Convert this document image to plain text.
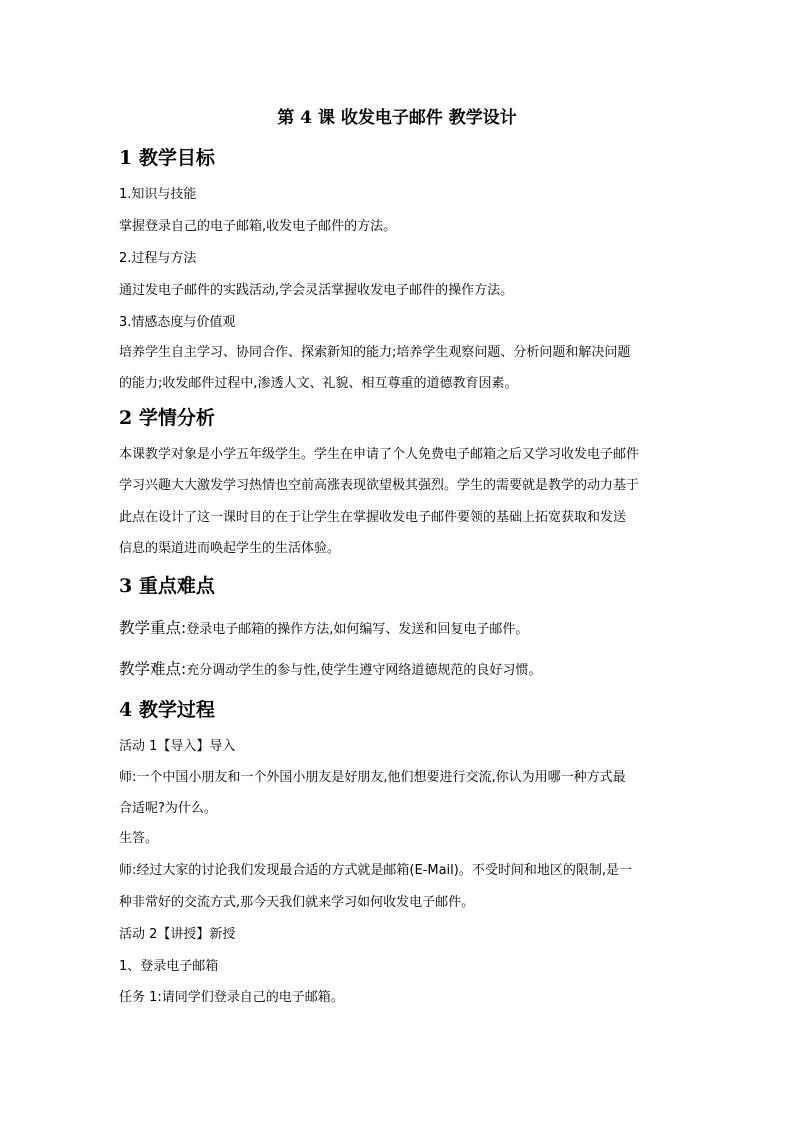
第 4 课 收发电子邮件 教学设计
1 教学目标
1.知识与技能
掌握登录自己的电子邮箱,收发电子邮件的方法。
2.过程与方法
通过发电子邮件的实践活动,学会灵活掌握收发电子邮件的操作方法。
3.情感态度与价值观
培养学生自主学习、协同合作、探索新知的能力;培养学生观察问题、分析问题和解决问题
的能力;收发邮件过程中,渗透人文、礼貌、相互尊重的道德教育因素。
2 学情分析
本课教学对象是小学五年级学生。学生在申请了个人免费电子邮箱之后又学习收发电子邮件
学习兴趣大大激发学习热情也空前高涨表现欲望极其强烈。学生的需要就是教学的动力基于
此点在设计了这一课时目的在于让学生在掌握收发电子邮件要领的基础上拓宽获取和发送
信息的渠道进而唤起学生的生活体验。
3 重点难点
教学重点:登录电子邮箱的操作方法,如何编写、发送和回复电子邮件。
教学难点:充分调动学生的参与性,使学生遵守网络道德规范的良好习惯。
4 教学过程
活动 1【导入】导入
师:一个中国小朋友和一个外国小朋友是好朋友,他们想要进行交流,你认为用哪一种方式最
合适呢?为什么。
生答。
师:经过大家的讨论我们发现最合适的方式就是邮箱(E-Mail)。不受时间和地区的限制,是一
种非常好的交流方式,那今天我们就来学习如何收发电子邮件。
活动 2【讲授】新授
1、登录电子邮箱
任务 1:请同学们登录自己的电子邮箱。
